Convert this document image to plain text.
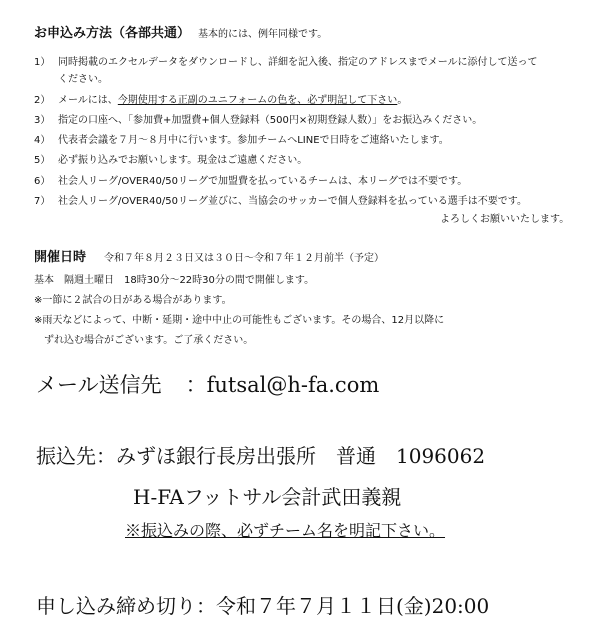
お申込み方法（各部共通） 基本的には、例年同様です。
1） 同時掲載のエクセルデータをダウンロードし、詳細を記入後、指定のアドレスまでメールに添付して送って
ください。
2） メールには、今期使用する正副のユニフォームの色を、必ず明記して下さい。
3） 指定の口座へ、「参加費+加盟費+個人登録料（500円×初期登録人数）」をお振込みください。
4） 代表者会議を７月～８月中に行います。参加チームへLINEで日時をご連絡いたします。
5） 必ず振り込みでお願いします。現金はご遠慮ください。
6） 社会人リーグ/OVER40/50リーグで加盟費を払っているチームは、本リーグでは不要です。
7） 社会人リーグ/OVER40/50リーグ並びに、当協会のサッカーで個人登録料を払っている選手は不要です。
よろしくお願いいたします。
開催日時 令和７年８月２３日又は３０日～令和７年１２月前半（予定）
基本　隔週土曜日　18時30分～22時30分の間で開催します。
※一節に２試合の日がある場合があります。
※雨天などによって、中断・延期・途中中止の可能性もございます。その場合、12月以降に
　ずれ込む場合がございます。ご了承ください。
メール送信先 ：futsal@h-fa.com
振込先：みずほ銀行長房出張所　普通　1096062
H-FAフットサル会計武田義親
※振込みの際、必ずチーム名を明記下さい。
申し込み締め切り：令和７年７月１１日(金)20:00
